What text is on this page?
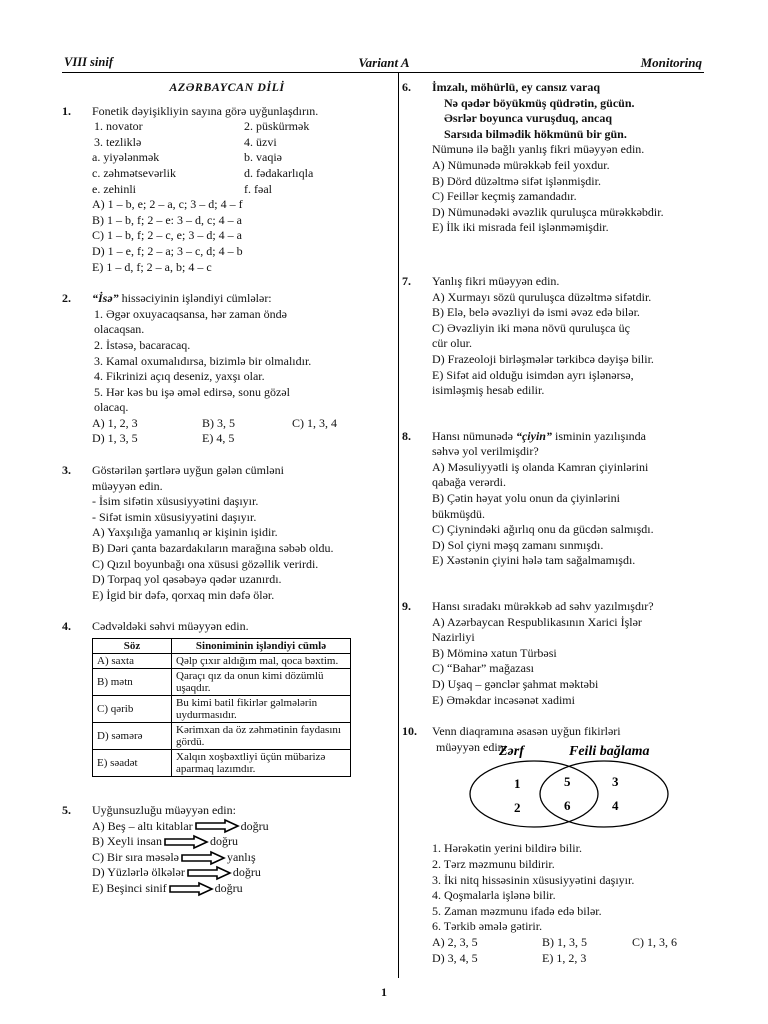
VIII sinif	Variant A	Monitorinq
AZƏRBAYCAN DİLİ
1. Fonetik dəyişikliyin sayına görə uyğunlaşdırın.
1. novator	2. püskürmək
3. tezliklə	4. üzvi
a. yiyələnmək	b. vaqiə
c. zəhmətsevərlik	d. fədakarlıqla
e. zehinli	f. fəal
A) 1 – b, e; 2 – a, c; 3 – d; 4 – f
B) 1 – b, f; 2 – e: 3 – d, c; 4 – a
C) 1 – b, f; 2 – c, e; 3 – d; 4 – a
D) 1 – e, f; 2 – a; 3 – c, d; 4 – b
E) 1 – d, f; 2 – a, b; 4 – c
2. “İsə” hissəciyinin işləndiyi cümlələr:
1. Əgər oxuyacaqsansa, hər zaman öndə
olacaqsan.
2. İstəsə, bacaracaq.
3. Kamal oxumalıdırsa, bizimlə bir olmalıdır.
4. Fikrinizi açıq deseniz, yaxşı olar.
5. Hər kəs bu işə əməl edirsə, sonu gözəl
olacaq.
A) 1, 2, 3	B) 3, 5	C) 1, 3, 4
D) 1, 3, 5	E) 4, 5
3. Göstərilən şərtlərə uyğun gələn cümləni
müəyyən edin.
- İsim sifətin xüsusiyyətini daşıyır.
- Sifət ismin xüsusiyyətini daşıyır.
A) Yaxşılığa yamanlıq ər kişinin işidir.
B) Dəri çanta bazardakıların marağına səbəb oldu.
C) Qızıl boyunbağı ona xüsusi gözəllik verirdi.
D) Torpaq yol qəsəbəyə qədər uzanırdı.
E) İgid bir dəfə, qorxaq min dəfə ölər.
4. Cədvəldəki səhvi müəyyən edin.
Söz	Sinoniminin işləndiyi cümlə
A) saxta	Qəlp çıxır aldığım mal, qoca bəxtim.
B) mətn	Qaraçı qız da onun kimi dözümlü uşaqdır.
C) qərib	Bu kimi batil fikirlər gəlmələrin uydurmasıdır.
D) səmərə	Kərimxan da öz zəhmətinin faydasını gördü.
E) səadət	Xalqın xoşbəxtliyi üçün mübarizə aparmaq lazımdır.
5. Uyğunsuzluğu müəyyən edin:
A) Beş – altı kitablar	doğru
B) Xeyli insan	doğru
C) Bir sıra məsələ	yanlış
D) Yüzlərlə ölkələr	doğru
E) Beşinci sinif	doğru
6. İmzalı, möhürlü, ey cansız varaq
Nə qədər böyükmüş qüdrətin, gücün.
Əsrlər boyunca vuruşduq, ancaq
Sarsıda bilmədik hökmünü bir gün.
Nümunə ilə bağlı yanlış fikri müəyyən edin.
A) Nümunədə mürəkkəb feil yoxdur.
B) Dörd düzəltmə sifət işlənmişdir.
C) Feillər keçmiş zamandadır.
D) Nümunədəki əvəzlik quruluşca mürəkkəbdir.
E) İlk iki misrada feil işlənməmişdir.
7. Yanlış fikri müəyyən edin.
A) Xurmayı sözü quruluşca düzəltmə sifətdir.
B) Elə, belə əvəzliyi də ismi əvəz edə bilər.
C) Əvəzliyin iki məna növü quruluşca üç
cür olur.
D) Frazeoloji birləşmələr tərkibcə dəyişə bilir.
E) Sifət aid olduğu isimdən ayrı işlənərsə,
isimləşmiş hesab edilir.
8. Hansı nümunədə “çiyin” isminin yazılışında
səhvə yol verilmişdir?
A) Məsuliyyətli iş olanda Kamran çiyinlərini
qabağa verərdi.
B) Çətin həyat yolu onun da çiyinlərini
bükmüşdü.
C) Çiynindəki ağırlıq onu da gücdən salmışdı.
D) Sol çiyni məşq zamanı sınmışdı.
E) Xəstənin çiyini hələ tam sağalmamışdı.
9. Hansı sıradakı mürəkkəb ad səhv yazılmışdır?
A) Azərbaycan Respublikasının Xarici İşlər
Nazirliyi
B) Möminə xatun Türbəsi
C) “Bahar” mağazası
D) Uşaq – gənclər şahmat məktəbi
E) Əməkdar incəsənət xadimi
10. Venn diaqramına əsasən uyğun fikirləri
müəyyən edin:
Zərf	Feili bağlama
1
2
5
6
3
4
1. Hərəkətin yerini bildirə bilir.
2. Tərz məzmunu bildirir.
3. İki nitq hissəsinin xüsusiyyətini daşıyır.
4. Qoşmalarla işlənə bilir.
5. Zaman məzmunu ifadə edə bilər.
6. Tərkib əmələ gətirir.
A) 2, 3, 5	B) 1, 3, 5	C) 1, 3, 6
D) 3, 4, 5	E) 1, 2, 3
1
